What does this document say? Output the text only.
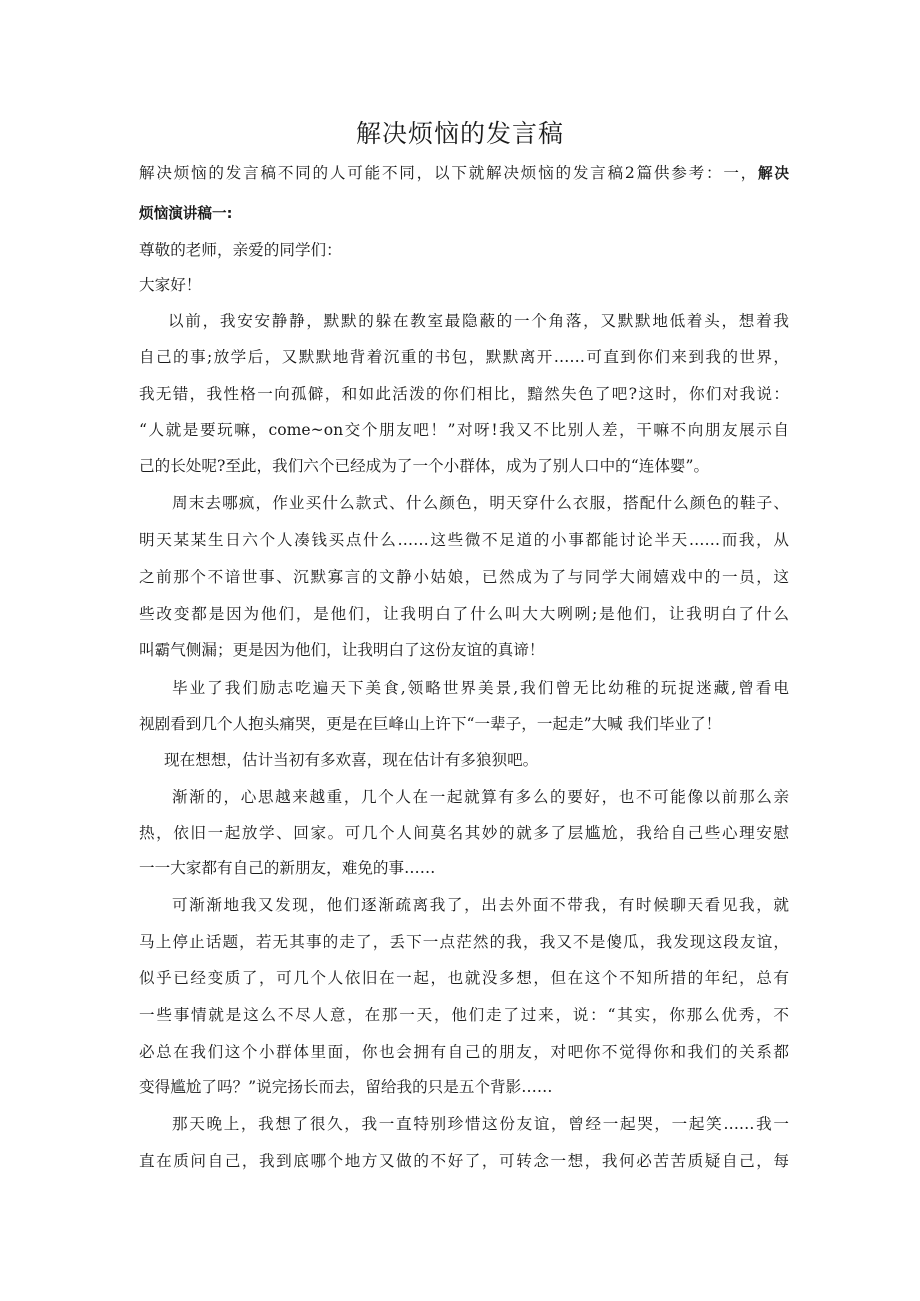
解决烦恼的发言稿
解决烦恼的发言稿不同的人可能不同，以下就解决烦恼的发言稿2篇供参考：一，解决
烦恼演讲稿一:
尊敬的老师，亲爱的同学们：
大家好！
以前，我安安静静，默默的躲在教室最隐蔽的一个角落，又默默地低着头，想着我
自己的事;放学后，又默默地背着沉重的书包，默默离开……可直到你们来到我的世界，
我无错，我性格一向孤僻，和如此活泼的你们相比，黯然失色了吧?这时，你们对我说：
“人就是要玩嘛，come~on交个朋友吧！”对呀!我又不比别人差，干嘛不向朋友展示自
己的长处呢?至此，我们六个已经成为了一个小群体，成为了别人口中的“连体婴”。
周末去哪疯，作业买什么款式、什么颜色，明天穿什么衣服，搭配什么颜色的鞋子、
明天某某生日六个人凑钱买点什么……这些微不足道的小事都能讨论半天……而我，从
之前那个不谙世事、沉默寡言的文静小姑娘，已然成为了与同学大闹嬉戏中的一员，这
些改变都是因为他们，是他们，让我明白了什么叫大大咧咧;是他们，让我明白了什么
叫霸气侧漏；更是因为他们，让我明白了这份友谊的真谛！
毕业了我们励志吃遍天下美食,领略世界美景,我们曾无比幼稚的玩捉迷藏,曾看电
视剧看到几个人抱头痛哭，更是在巨峰山上许下“一辈子，一起走”大喊 我们毕业了！
现在想想，估计当初有多欢喜，现在估计有多狼狈吧。
渐渐的，心思越来越重，几个人在一起就算有多么的要好，也不可能像以前那么亲
热，依旧一起放学、回家。可几个人间莫名其妙的就多了层尴尬，我给自己些心理安慰
一一大家都有自己的新朋友，难免的事……
可渐渐地我又发现，他们逐渐疏离我了，出去外面不带我，有时候聊天看见我，就
马上停止话题，若无其事的走了，丢下一点茫然的我，我又不是傻瓜，我发现这段友谊，
似乎已经变质了，可几个人依旧在一起，也就没多想，但在这个不知所措的年纪，总有
一些事情就是这么不尽人意，在那一天，他们走了过来，说：“其实，你那么优秀，不
必总在我们这个小群体里面，你也会拥有自己的朋友，对吧你不觉得你和我们的关系都
变得尴尬了吗？”说完扬长而去，留给我的只是五个背影……
那天晚上，我想了很久，我一直特别珍惜这份友谊，曾经一起哭，一起笑……我一
直在质问自己，我到底哪个地方又做的不好了，可转念一想，我何必苦苦质疑自己，每
